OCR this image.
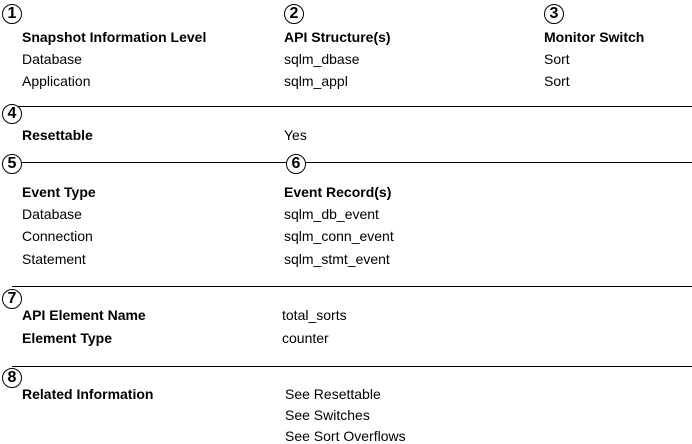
1	2	3
Snapshot Information Level	API Structure(s)	Monitor Switch
Database	sqlm_dbase	Sort
Application	sqlm_appl	Sort
4
Resettable	Yes
5	6
Event Type	Event Record(s)
Database	sqlm_db_event
Connection	sqlm_conn_event
Statement	sqlm_stmt_event
7
API Element Name	total_sorts
Element Type	counter
8
Related Information	See Resettable
See Switches
See Sort Overflows
